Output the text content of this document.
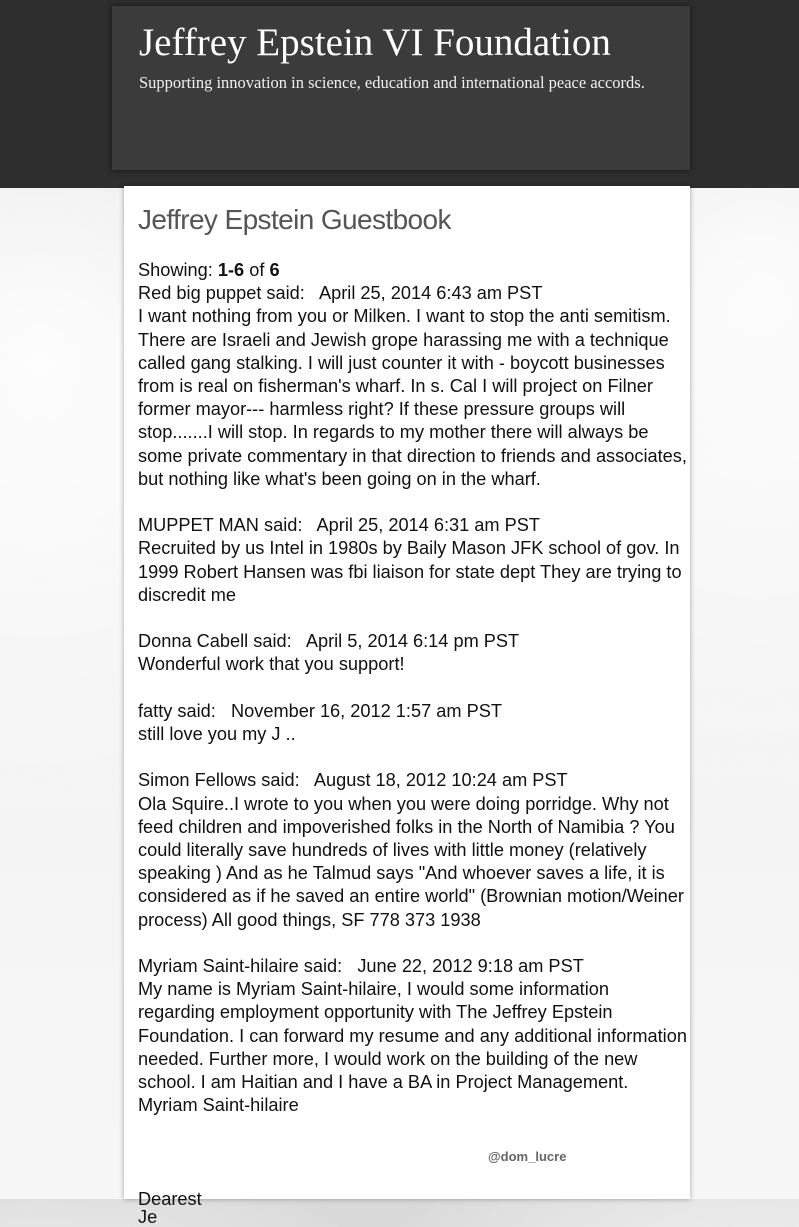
Jeffrey Epstein VI Foundation

Supporting innovation in science, education and international peace accords.

Jeffrey Epstein Guestbook
Showing: 1-6 of 6
Red big puppet said:   April 25, 2014 6:43 am PST

I want nothing from you or Milken. I want to stop the anti semitism. There are Israeli and Jewish grope harassing me with a technique called gang stalking. I will just counter it with - boycott businesses from is real on fisherman's wharf. In s. Cal I will project on Filner former mayor--- harmless right? If these pressure groups will stop.......I will stop. In regards to my mother there will always be some private commentary in that direction to friends and associates, but nothing like what's been going on in the wharf.

MUPPET MAN said:   April 25, 2014 6:31 am PST

Recruited by us Intel in 1980s by Baily Mason JFK school of gov. In 1999 Robert Hansen was fbi liaison for state dept They are trying to discredit me

Donna Cabell said:   April 5, 2014 6:14 pm PST

Wonderful work that you support!

fatty said:   November 16, 2012 1:57 am PST

still love you my J ..

Simon Fellows said:   August 18, 2012 10:24 am PST

Ola Squire..I wrote to you when you were doing porridge. Why not feed children and impoverished folks in the North of Namibia ? You could literally save hundreds of lives with little money (relatively speaking ) And as he Talmud says "And whoever saves a life, it is considered as if he saved an entire world" (Brownian motion/Weiner process) All good things, SF 778 373 1938

Myriam Saint-hilaire said:   June 22, 2012 9:18 am PST

My name is Myriam Saint-hilaire, I would some information regarding employment opportunity with The Jeffrey Epstein Foundation. I can forward my resume and any additional information needed. Further more, I would work on the building of the new school. I am Haitian and I have a BA in Project Management. Myriam Saint-hilaire

@dom_lucre
Dearest Je
